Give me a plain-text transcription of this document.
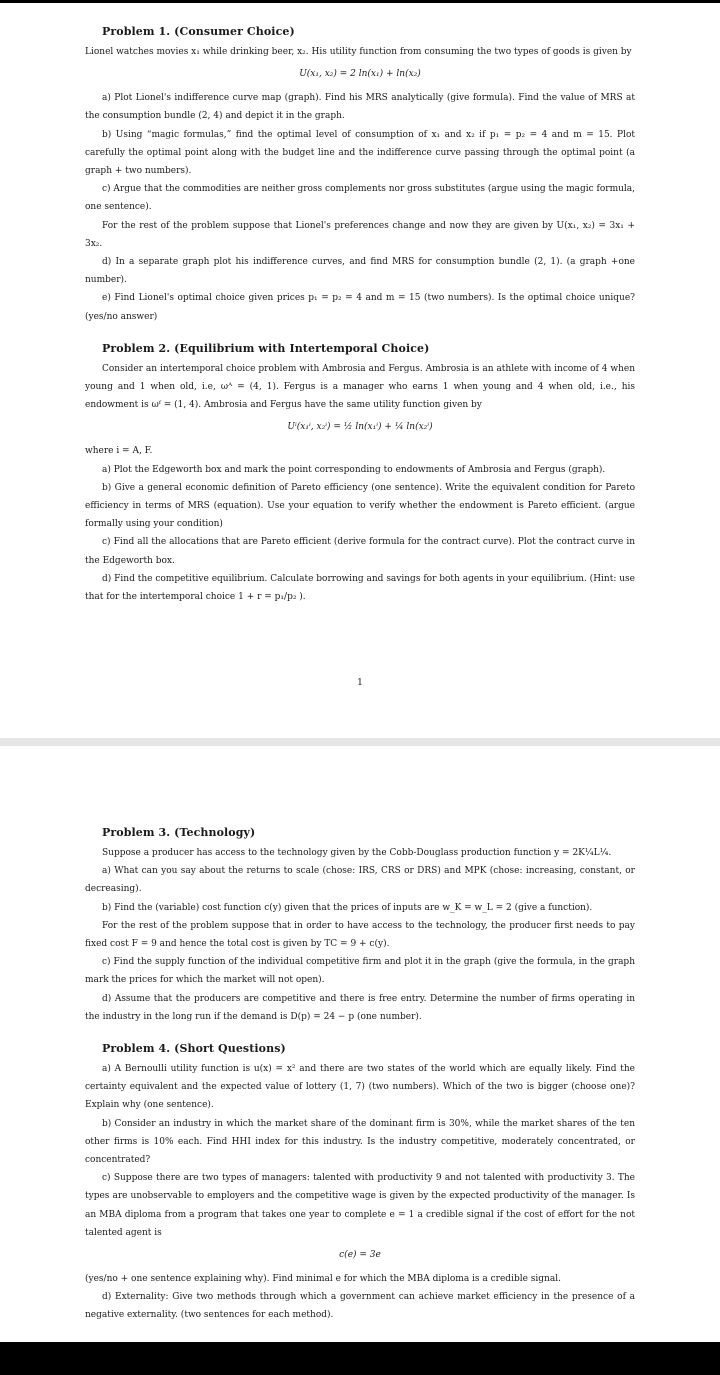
Problem 1. (Consumer Choice)

Lionel watches movies x₁ while drinking beer, x₂. His utility function from consuming the two types of goods is given by

U(x₁, x₂) = 2 ln(x₁) + ln(x₂)

a) Plot Lionel's indifference curve map (graph). Find his MRS analytically (give formula). Find the value of MRS at the consumption bundle (2, 4) and depict it in the graph.

b) Using “magic formulas,” find the optimal level of consumption of x₁ and x₂ if p₁ = p₂ = 4 and m = 15. Plot carefully the optimal point along with the budget line and the indifference curve passing through the optimal point (a graph + two numbers).

c) Argue that the commodities are neither gross complements nor gross substitutes (argue using the magic formula, one sentence).

For the rest of the problem suppose that Lionel's preferences change and now they are given by U(x₁, x₂) = 3x₁ + 3x₂.

d) In a separate graph plot his indifference curves, and find MRS for consumption bundle (2, 1). (a graph +one number).

e) Find Lionel's optimal choice given prices p₁ = p₂ = 4 and m = 15 (two numbers). Is the optimal choice unique? (yes/no answer)

Problem 2. (Equilibrium with Intertemporal Choice)

Consider an intertemporal choice problem with Ambrosia and Fergus. Ambrosia is an athlete with income of 4 when young and 1 when old, i.e, ωᴬ = (4, 1). Fergus is a manager who earns 1 when young and 4 when old, i.e., his endowment is ωᶠ = (1, 4). Ambrosia and Fergus have the same utility function given by

Uⁱ(x₁ⁱ, x₂ⁱ) = ½ ln(x₁ⁱ) + ¼ ln(x₂ⁱ)

where i = A, F.

a) Plot the Edgeworth box and mark the point corresponding to endowments of Ambrosia and Fergus (graph).

b) Give a general economic definition of Pareto efficiency (one sentence). Write the equivalent condition for Pareto efficiency in terms of MRS (equation). Use your equation to verify whether the endowment is Pareto efficient. (argue formally using your condition)

c) Find all the allocations that are Pareto efficient (derive formula for the contract curve). Plot the contract curve in the Edgeworth box.

d) Find the competitive equilibrium. Calculate borrowing and savings for both agents in your equilibrium. (Hint: use that for the intertemporal choice 1 + r = p₁/p₂ ).

1
Problem 3. (Technology)

Suppose a producer has access to the technology given by the Cobb-Douglass production function y = 2K¼L¼.

a) What can you say about the returns to scale (chose: IRS, CRS or DRS) and MPK (chose: increasing, constant, or decreasing).

b) Find the (variable) cost function c(y) given that the prices of inputs are w_K = w_L = 2 (give a function).

For the rest of the problem suppose that in order to have access to the technology, the producer first needs to pay fixed cost F = 9 and hence the total cost is given by TC = 9 + c(y).

c) Find the supply function of the individual competitive firm and plot it in the graph (give the formula, in the graph mark the prices for which the market will not open).

d) Assume that the producers are competitive and there is free entry. Determine the number of firms operating in the industry in the long run if the demand is D(p) = 24 − p (one number).

Problem 4. (Short Questions)

a) A Bernoulli utility function is u(x) = x² and there are two states of the world which are equally likely. Find the certainty equivalent and the expected value of lottery (1, 7) (two numbers). Which of the two is bigger (choose one)? Explain why (one sentence).

b) Consider an industry in which the market share of the dominant firm is 30%, while the market shares of the ten other firms is 10% each. Find HHI index for this industry. Is the industry competitive, moderately concentrated, or concentrated?

c) Suppose there are two types of managers: talented with productivity 9 and not talented with productivity 3. The types are unobservable to employers and the competitive wage is given by the expected productivity of the manager. Is an MBA diploma from a program that takes one year to complete e = 1 a credible signal if the cost of effort for the not talented agent is

c(e) = 3e

(yes/no + one sentence explaining why). Find minimal e for which the MBA diploma is a credible signal.

d) Externality: Give two methods through which a government can achieve market efficiency in the presence of a negative externality. (two sentences for each method).
